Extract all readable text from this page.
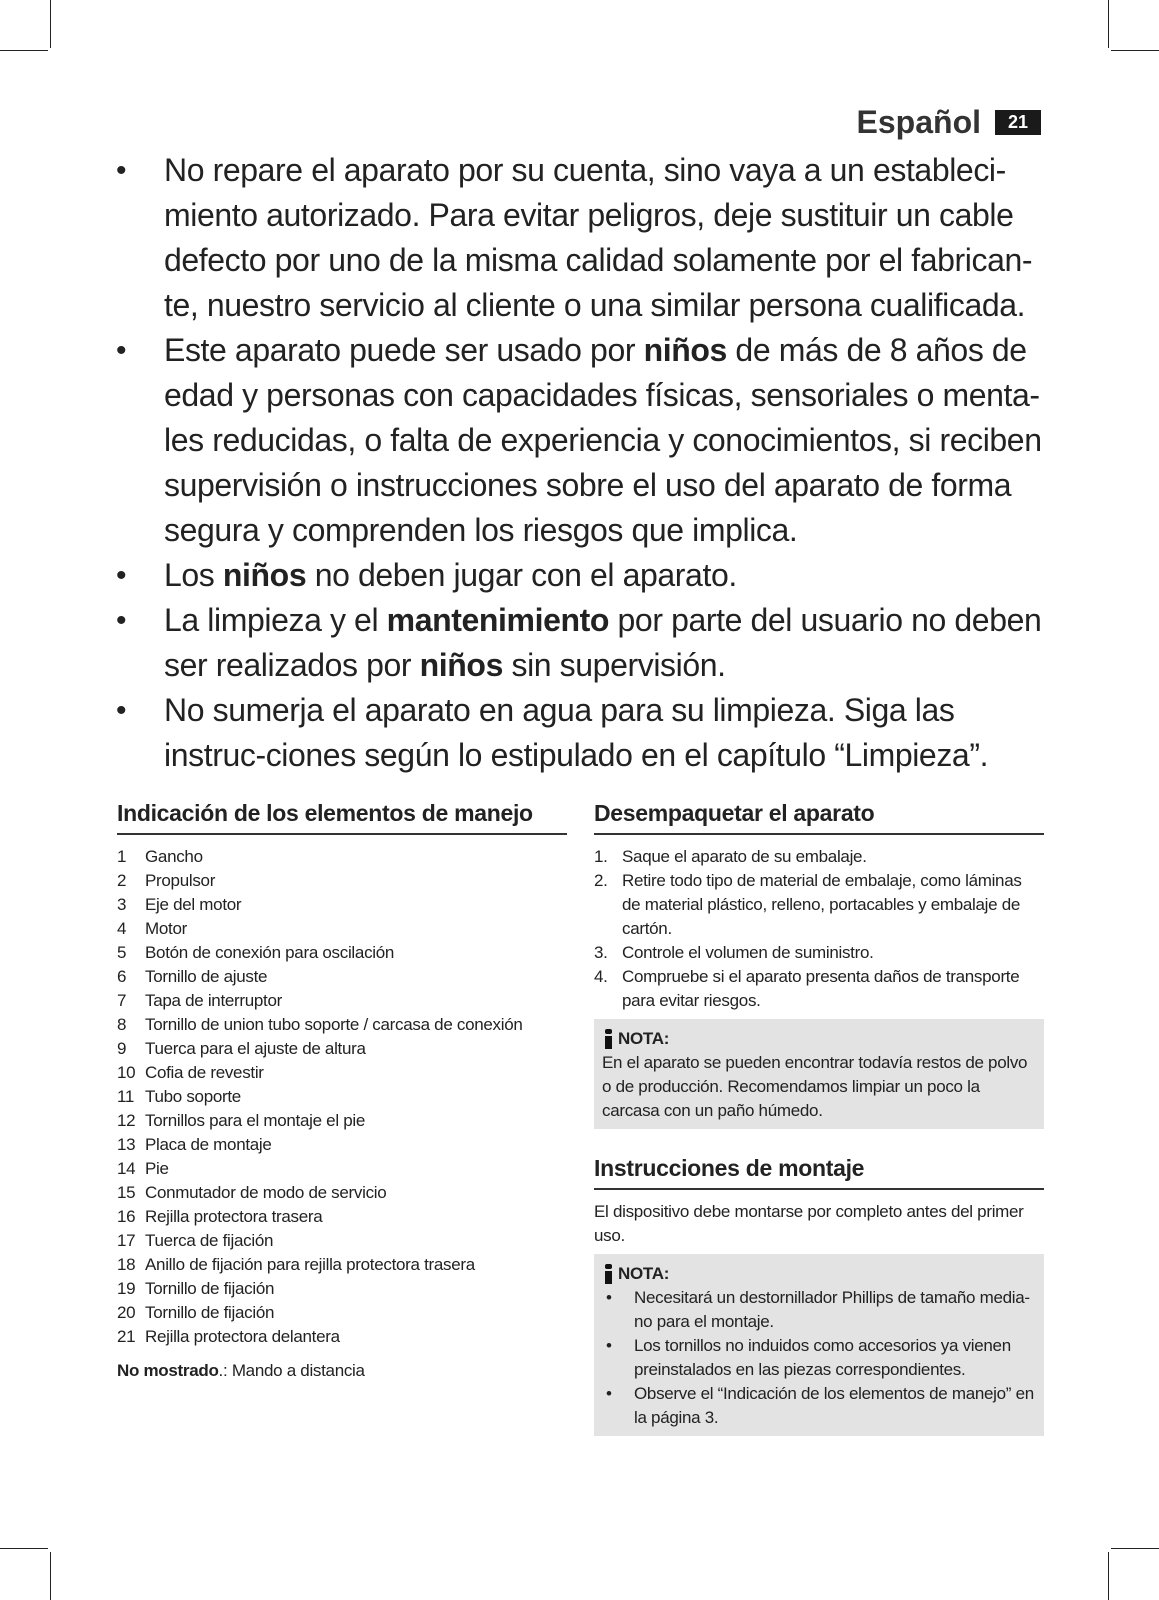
Español	21
• No repare el aparato por su cuenta, sino vaya a un estableci-miento autorizado. Para evitar peligros, deje sustituir un cable defecto por uno de la misma calidad solamente por el fabrican-te, nuestro servicio al cliente o una similar persona cualificada.
• Este aparato puede ser usado por niños de más de 8 años de edad y personas con capacidades físicas, sensoriales o menta-les reducidas, o falta de experiencia y conocimientos, si reciben supervisión o instrucciones sobre el uso del aparato de forma segura y comprenden los riesgos que implica.
• Los niños no deben jugar con el aparato.
• La limpieza y el mantenimiento por parte del usuario no deben ser realizados por niños sin supervisión.
• No sumerja el aparato en agua para su limpieza. Siga las instruc-ciones según lo estipulado en el capítulo “Limpieza”.
Indicación de los elementos de manejo
1	Gancho
2	Propulsor
3	Eje del motor
4	Motor
5	Botón de conexión para oscilación
6	Tornillo de ajuste
7	Tapa de interruptor
8	Tornillo de union tubo soporte / carcasa de conexión
9	Tuerca para el ajuste de altura
10 Cofia de revestir
11 Tubo soporte
12 Tornillos para el montaje el pie
13 Placa de montaje
14 Pie
15 Conmutador de modo de servicio
16 Rejilla protectora trasera
17 Tuerca de fijación
18 Anillo de fijación para rejilla protectora trasera
19 Tornillo de fijación
20 Tornillo de fijación
21 Rejilla protectora delantera
No mostrado.: Mando a distancia
Desempaquetar el aparato
1. Saque el aparato de su embalaje.
2. Retire todo tipo de material de embalaje, como láminas de material plástico, relleno, portacables y embalaje de cartón.
3. Controle el volumen de suministro.
4. Compruebe si el aparato presenta daños de transporte para evitar riesgos.
NOTA:
En el aparato se pueden encontrar todavía restos de polvo o de producción. Recomendamos limpiar un poco la carcasa con un paño húmedo.
Instrucciones de montaje
El dispositivo debe montarse por completo antes del primer uso.
NOTA:
•	Necesitará un destornillador Phillips de tamaño media-no para el montaje.
•	Los tornillos no induidos como accesorios ya vienen preinstalados en las piezas correspondientes.
•	Observe el “Indicación de los elementos de manejo” en la página 3.
